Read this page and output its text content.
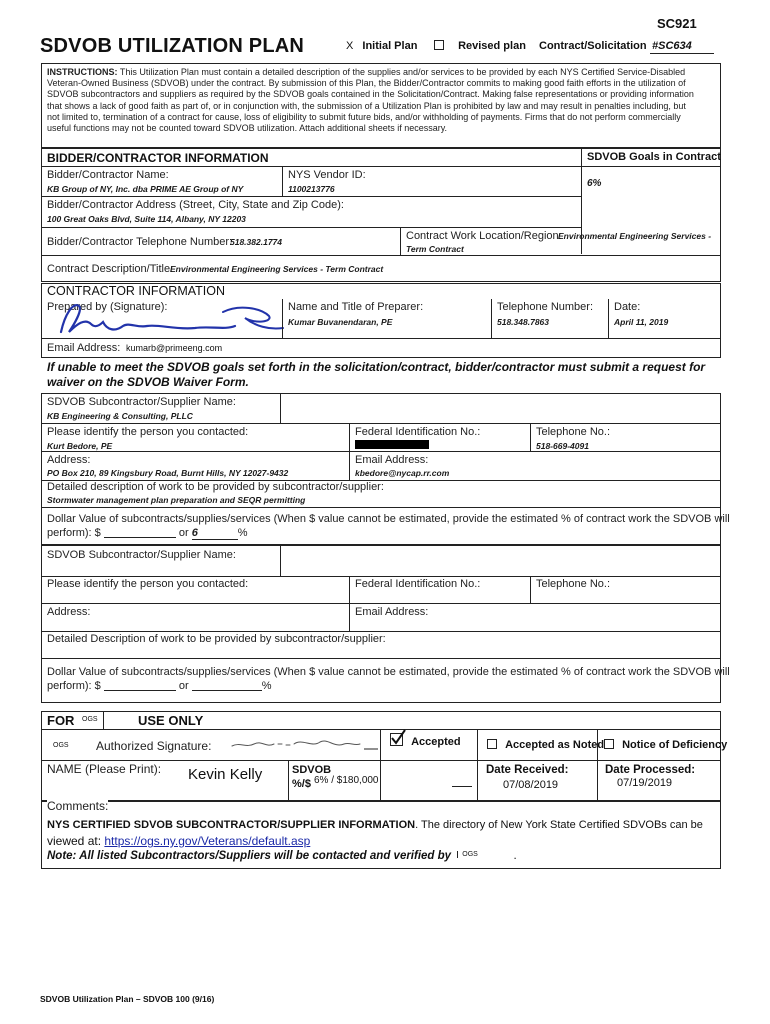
SC921
SDVOB UTILIZATION PLAN	X Initial Plan	Revised plan Contract/Solicitation #SC634
INSTRUCTIONS: This Utilization Plan must contain a detailed description of the supplies and/or services to be provided by each NYS Certified Service-Disabled
Veteran-Owned Business (SDVOB) under the contract. By submission of this Plan, the Bidder/Contractor commits to making good faith efforts in the utilization of
SDVOB subcontractors and suppliers as required by the SDVOB goals contained in the Solicitation/Contract. Making false representations or providing information
that shows a lack of good faith as part of, or in conjunction with, the submission of a Utilization Plan is prohibited by law and may result in penalties including, but
not limited to, termination of a contract for cause, loss of eligibility to submit future bids, and/or withholding of payments. Firms that do not perform commercially
useful functions may not be counted toward SDVOB utilization. Attach additional sheets if necessary.
BIDDER/CONTRACTOR INFORMATION	SDVOB Goals in Contract
6%
Bidder/Contractor Name:
KB Group of NY, Inc. dba PRIME AE Group of NY
NYS Vendor ID:
1100213776
Bidder/Contractor Address (Street, City, State and Zip Code):
100 Great Oaks Blvd, Suite 114, Albany, NY 12203
Bidder/Contractor Telephone Number:
518.382.1774	Contract Work Location/Region:
Environmental Engineering Services -
Term Contract
Contract Description/Title:
Environmental Engineering Services - Term Contract
CONTRACTOR INFORMATION
Prepared by (Signature):	Name and Title of Preparer:
Kumar Buvanendaran, PE
Telephone Number:
518.348.7863
Date:
April 11, 2019
Email Address: kumarb@primeeng.com
If unable to meet the SDVOB goals set forth in the solicitation/contract, bidder/contractor must submit a request for waiver on the SDVOB Waiver Form.
SDVOB Subcontractor/Supplier Name:
KB Engineering & Consulting, PLLC
Please identify the person you contacted:
Kurt Bedore, PE
Federal Identification No.:	Telephone No.:
518-669-4091
Address:
PO Box 210, 89 Kingsbury Road, Burnt Hills, NY 12027-9432
Email Address:
kbedore@nycap.rr.com
Detailed description of work to be provided by subcontractor/supplier:
Stormwater management plan preparation and SEQR permitting
Dollar Value of subcontracts/supplies/services (When $ value cannot be estimated, provide the estimated % of contract work the SDVOB will
perform): $	or 6	%
SDVOB Subcontractor/Supplier Name:
Please identify the person you contacted:	Federal Identification No.:	Telephone No.:
Address:	Email Address:
Detailed Description of work to be provided by subcontractor/supplier:
Dollar Value of subcontracts/supplies/services (When $ value cannot be estimated, provide the estimated % of contract work the SDVOB will
perform): $	or	%
FOR OGS	USE ONLY
OGS Authorized Signature:	Accepted	Accepted as Noted	Notice of Deficiency
NAME (Please Print): Kevin Kelly	SDVOB
%/$ 6% / $180,000
Date Received:
07/08/2019
Date Processed:
07/19/2019
Comments:
NYS CERTIFIED SDVOB SUBCONTRACTOR/SUPPLIER INFORMATION. The directory of New York State Certified SDVOBs can be
viewed at: https://ogs.ny.gov/Veterans/default.asp
Note: All listed Subcontractors/Suppliers will be contacted and verified by OGS	.
SDVOB Utilization Plan – SDVOB 100 (9/16)
